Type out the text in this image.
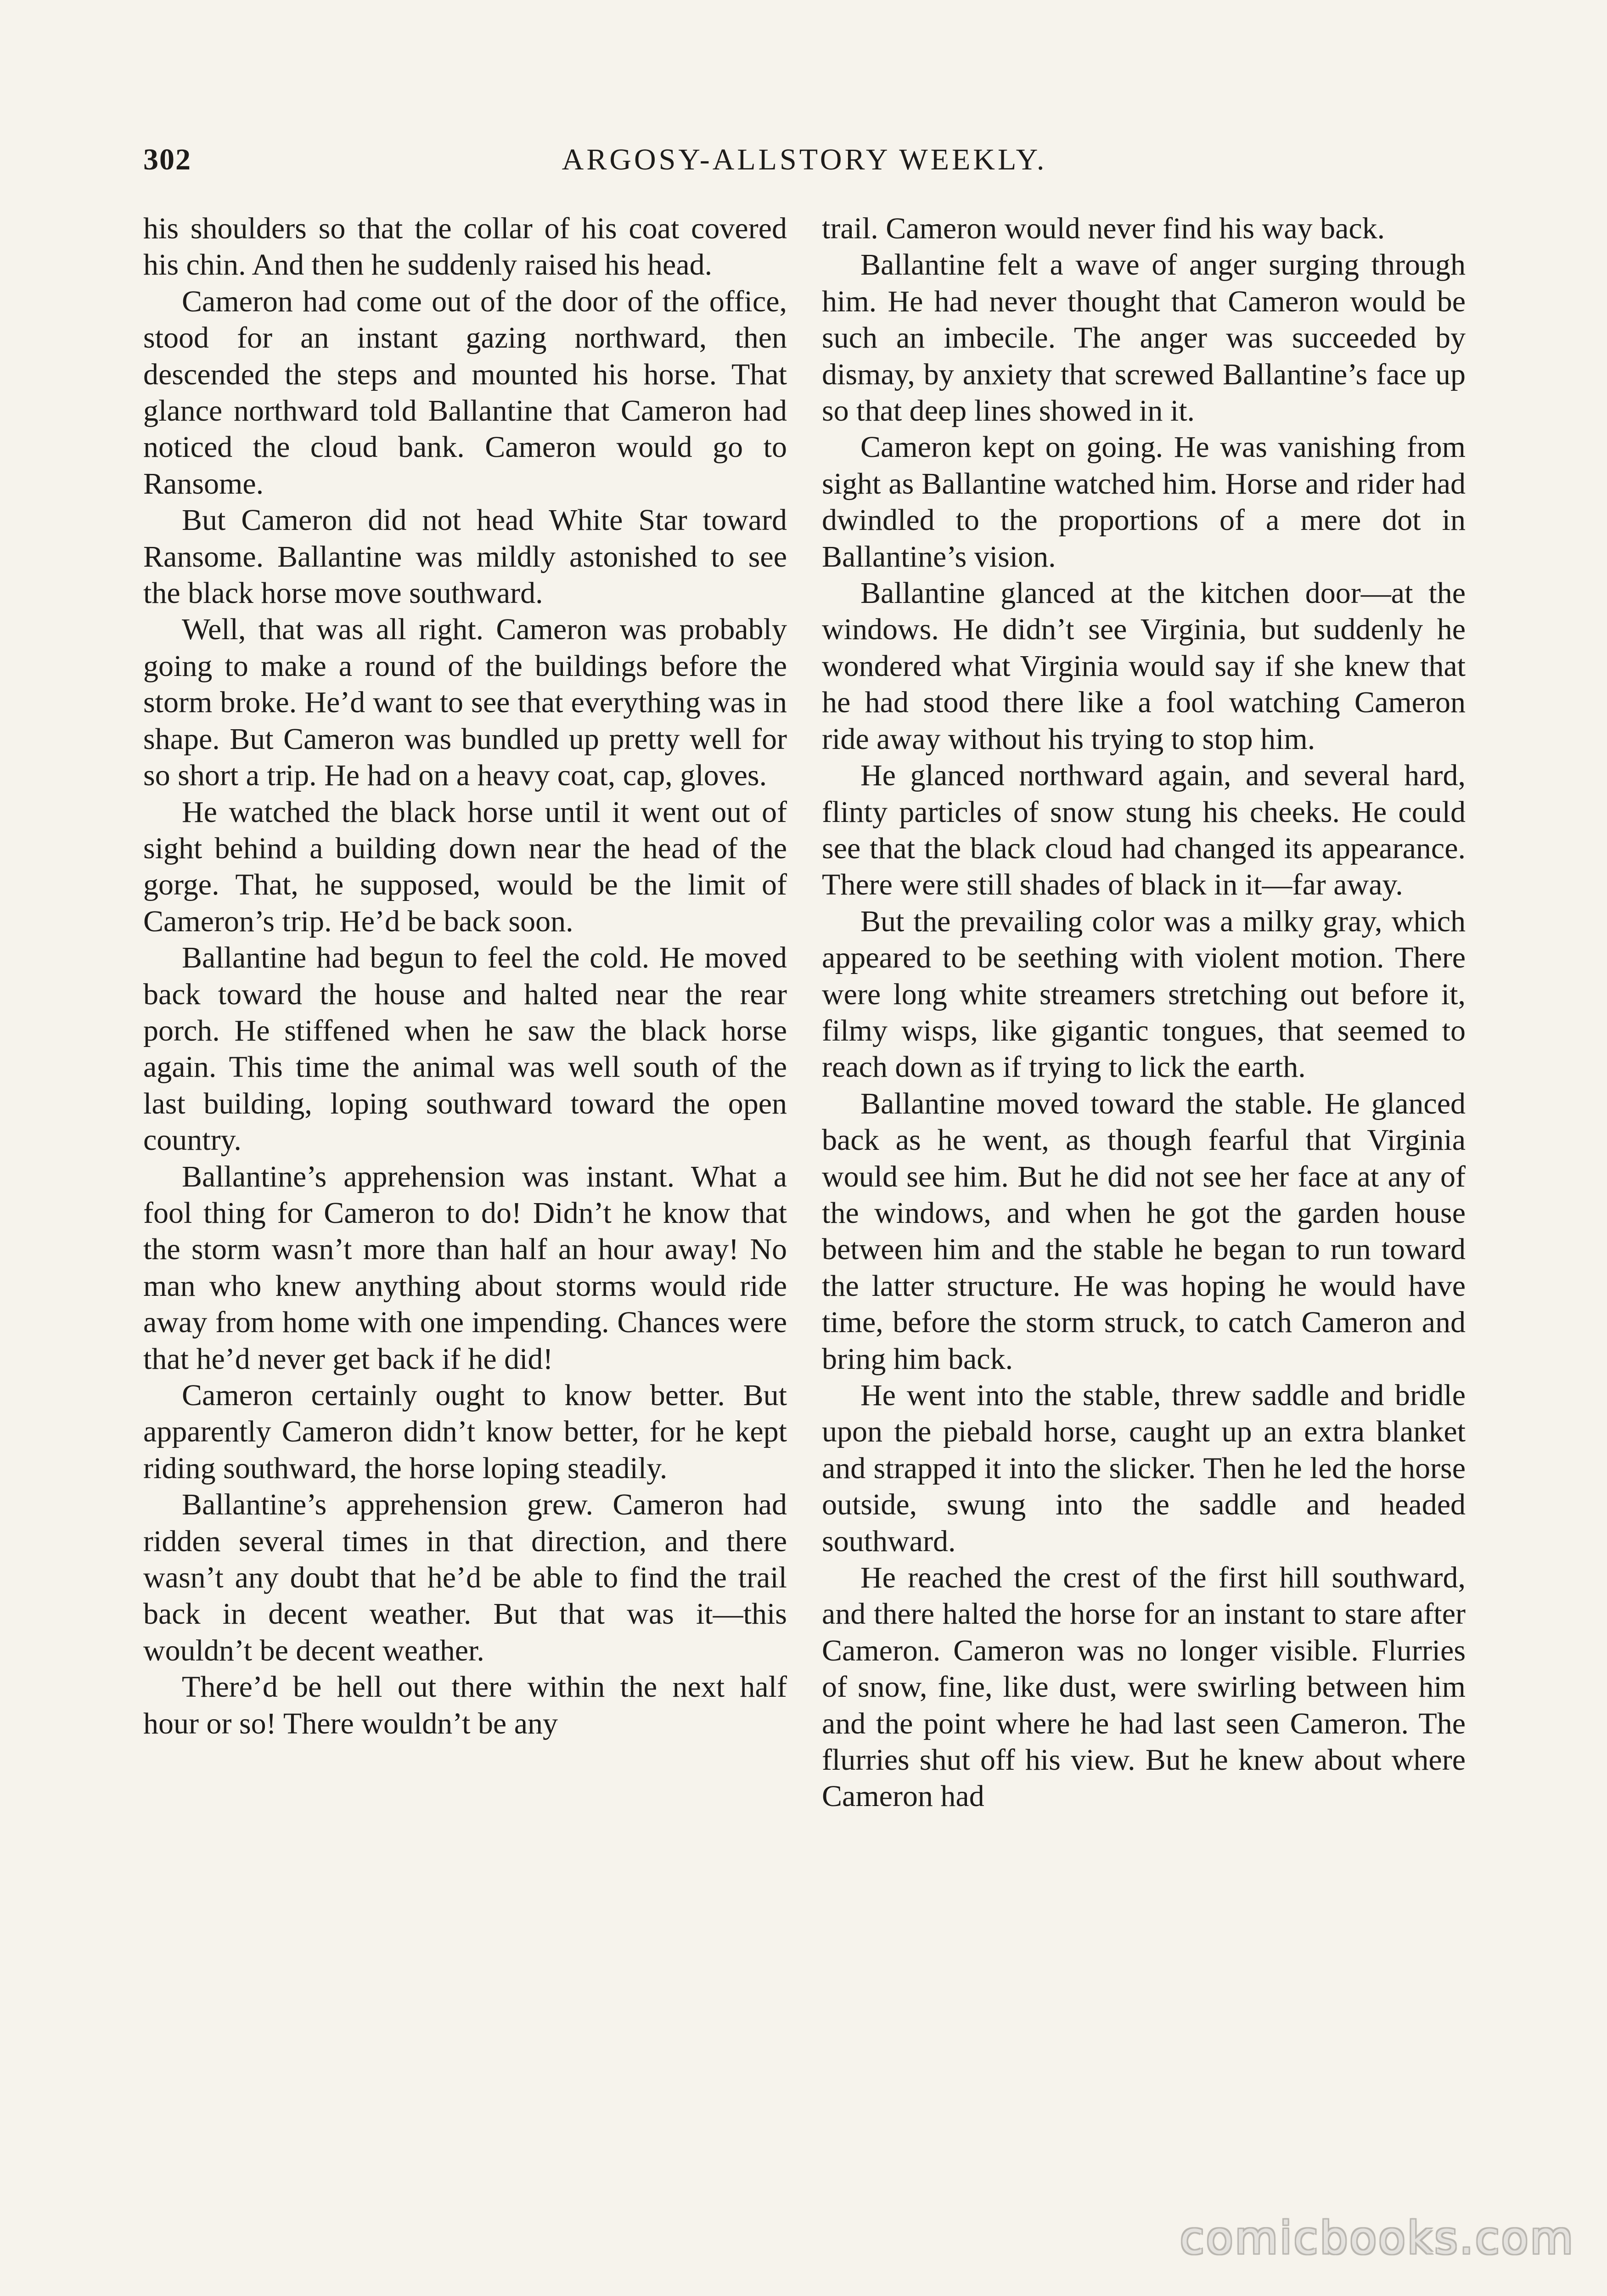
302	ARGOSY-ALLSTORY WEEKLY.

his shoulders so that the collar of his coat covered his chin. And then he suddenly raised his head.

Cameron had come out of the door of the office, stood for an instant gazing northward, then descended the steps and mounted his horse. That glance northward told Ballantine that Cameron had noticed the cloud bank. Cameron would go to Ransome.

But Cameron did not head White Star toward Ransome. Ballantine was mildly astonished to see the black horse move southward.

Well, that was all right. Cameron was probably going to make a round of the buildings before the storm broke. He’d want to see that everything was in shape. But Cameron was bundled up pretty well for so short a trip. He had on a heavy coat, cap, gloves.

He watched the black horse until it went out of sight behind a building down near the head of the gorge. That, he supposed, would be the limit of Cameron’s trip. He’d be back soon.

Ballantine had begun to feel the cold. He moved back toward the house and halted near the rear porch. He stiffened when he saw the black horse again. This time the animal was well south of the last building, loping southward toward the open country.

Ballantine’s apprehension was instant. What a fool thing for Cameron to do! Didn’t he know that the storm wasn’t more than half an hour away! No man who knew anything about storms would ride away from home with one impending. Chances were that he’d never get back if he did!

Cameron certainly ought to know better. But apparently Cameron didn’t know better, for he kept riding southward, the horse loping steadily.

Ballantine’s apprehension grew. Cameron had ridden several times in that direction, and there wasn’t any doubt that he’d be able to find the trail back in decent weather. But that was it—this wouldn’t be decent weather.

There’d be hell out there within the next half hour or so! There wouldn’t be any

trail. Cameron would never find his way back.

Ballantine felt a wave of anger surging through him. He had never thought that Cameron would be such an imbecile. The anger was succeeded by dismay, by anxiety that screwed Ballantine’s face up so that deep lines showed in it.

Cameron kept on going. He was vanishing from sight as Ballantine watched him. Horse and rider had dwindled to the proportions of a mere dot in Ballantine’s vision.

Ballantine glanced at the kitchen door—at the windows. He didn’t see Virginia, but suddenly he wondered what Virginia would say if she knew that he had stood there like a fool watching Cameron ride away without his trying to stop him.

He glanced northward again, and several hard, flinty particles of snow stung his cheeks. He could see that the black cloud had changed its appearance. There were still shades of black in it—far away.

But the prevailing color was a milky gray, which appeared to be seething with violent motion. There were long white streamers stretching out before it, filmy wisps, like gigantic tongues, that seemed to reach down as if trying to lick the earth.

Ballantine moved toward the stable. He glanced back as he went, as though fearful that Virginia would see him. But he did not see her face at any of the windows, and when he got the garden house between him and the stable he began to run toward the latter structure. He was hoping he would have time, before the storm struck, to catch Cameron and bring him back.

He went into the stable, threw saddle and bridle upon the piebald horse, caught up an extra blanket and strapped it into the slicker. Then he led the horse outside, swung into the saddle and headed southward.

He reached the crest of the first hill southward, and there halted the horse for an instant to stare after Cameron. Cameron was no longer visible. Flurries of snow, fine, like dust, were swirling between him and the point where he had last seen Cameron. The flurries shut off his view. But he knew about where Cameron had

comicbooks.com
